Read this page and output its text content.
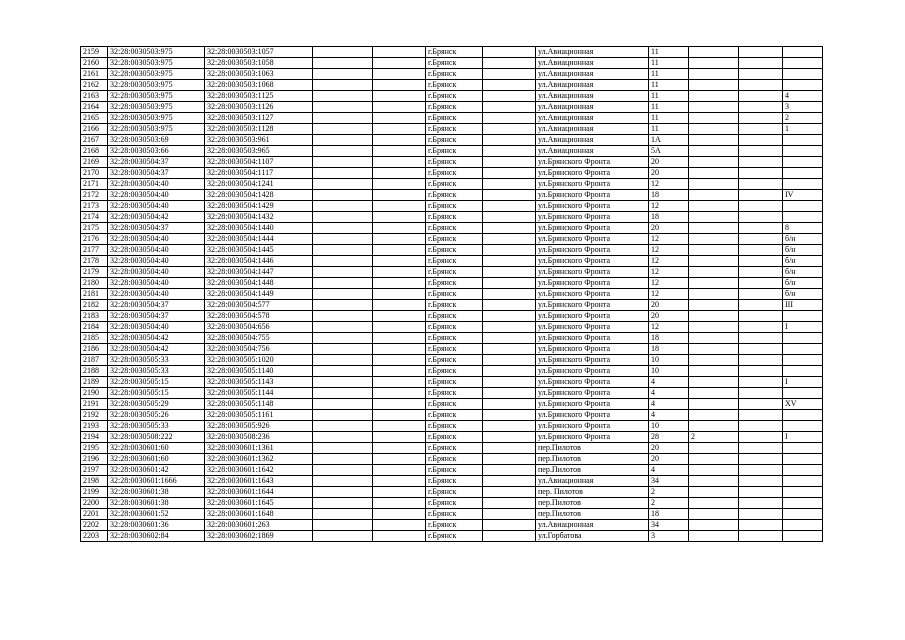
2159	32:28:0030503:975	32:28:0030503:1057			г.Брянск		ул.Авиационная	11			
2160	32:28:0030503:975	32:28:0030503:1058			г.Брянск		ул.Авиационная	11			
2161	32:28:0030503:975	32:28:0030503:1063			г.Брянск		ул.Авиационная	11			
2162	32:28:0030503:975	32:28:0030503:1068			г.Брянск		ул.Авиационная	11			
2163	32:28:0030503:975	32:28:0030503:1125			г.Брянск		ул.Авиационная	11			4
2164	32:28:0030503:975	32:28:0030503:1126			г.Брянск		ул.Авиационная	11			3
2165	32:28:0030503:975	32:28:0030503:1127			г.Брянск		ул.Авиационная	11			2
2166	32:28:0030503:975	32:28:0030503:1128			г.Брянск		ул.Авиационная	11			1
2167	32:28:0030503:69	32:28:0030503:961			г.Брянск		ул.Авиационная	1А			
2168	32:28:0030503:66	32:28:0030503:965			г.Брянск		ул.Авиационная	5А			
2169	32:28:0030504:37	32:28:0030504:1107			г.Брянск		ул.Брянского Фронта	20			
2170	32:28:0030504:37	32:28:0030504:1117			г.Брянск		ул.Брянского Фронта	20			
2171	32:28:0030504:40	32:28:0030504:1241			г.Брянск		ул.Брянского Фронта	12			
2172	32:28:0030504:40	32:28:0030504:1428			г.Брянск		ул.Брянского Фронта	18			IV
2173	32:28:0030504:40	32:28:0030504:1429			г.Брянск		ул.Брянского Фронта	12			
2174	32:28:0030504:42	32:28:0030504:1432			г.Брянск		ул.Брянского Фронта	18			
2175	32:28:0030504:37	32:28:0030504:1440			г.Брянск		ул.Брянского Фронта	20			8
2176	32:28:0030504:40	32:28:0030504:1444			г.Брянск		ул.Брянского Фронта	12			б/н
2177	32:28:0030504:40	32:28:0030504:1445			г.Брянск		ул.Брянского Фронта	12			б/н
2178	32:28:0030504:40	32:28:0030504:1446			г.Брянск		ул.Брянского Фронта	12			б/н
2179	32:28:0030504:40	32:28:0030504:1447			г.Брянск		ул.Брянского Фронта	12			б/н
2180	32:28:0030504:40	32:28:0030504:1448			г.Брянск		ул.Брянского Фронта	12			б/н
2181	32:28:0030504:40	32:28:0030504:1449			г.Брянск		ул.Брянского Фронта	12			б/н
2182	32:28:0030504:37	32:28:0030504:577			г.Брянск		ул.Брянского Фронта	20			III
2183	32:28:0030504:37	32:28:0030504:578			г.Брянск		ул.Брянского Фронта	20			
2184	32:28:0030504:40	32:28:0030504:656			г.Брянск		ул.Брянского Фронта	12			I
2185	32:28:0030504:42	32:28:0030504:755			г.Брянск		ул.Брянского Фронта	18			
2186	32:28:0030504:42	32:28:0030504:756			г.Брянск		ул.Брянского Фронта	18			
2187	32:28:0030505:33	32:28:0030505:1020			г.Брянск		ул.Брянского Фронта	10			
2188	32:28:0030505:33	32:28:0030505:1140			г.Брянск		ул.Брянского Фронта	10			
2189	32:28:0030505:15	32:28:0030505:1143			г.Брянск		ул.Брянского Фронта	4			I
2190	32:28:0030505:15	32:28:0030505:1144			г.Брянск		ул.Брянского Фронта	4			
2191	32:28:0030505:29	32:28:0030505:1148			г.Брянск		ул.Брянского Фронта	4			XV
2192	32:28:0030505:26	32:28:0030505:1161			г.Брянск		ул.Брянского Фронта	4			
2193	32:28:0030505:33	32:28:0030505:926			г.Брянск		ул.Брянского Фронта	10			
2194	32:28:0030508:222	32:28:0030508:236			г.Брянск		ул.Брянского Фронта	28	2		I
2195	32:28:0030601:60	32:28:0030601:1361			г.Брянск		пер.Пилотов	20			
2196	32:28:0030601:60	32:28:0030601:1362			г.Брянск		пер.Пилотов	20			
2197	32:28:0030601:42	32:28:0030601:1642			г.Брянск		пер.Пилотов	4			
2198	32:28:0030601:1666	32:28:0030601:1643			г.Брянск		ул.Авиационная	34			
2199	32:28:0030601:38	32:28:0030601:1644			г.Брянск		пер. Пилотов	2			
2200	32:28:0030601:38	32:28:0030601:1645			г.Брянск		пер.Пилотов	2			
2201	32:28:0030601:52	32:28:0030601:1648			г.Брянск		пер.Пилотов	18			
2202	32:28:0030601:36	32:28:0030601:263			г.Брянск		ул.Авиационная	34			
2203	32:28:0030602:84	32:28:0030602:1869			г.Брянск		ул.Горбатова	3			
